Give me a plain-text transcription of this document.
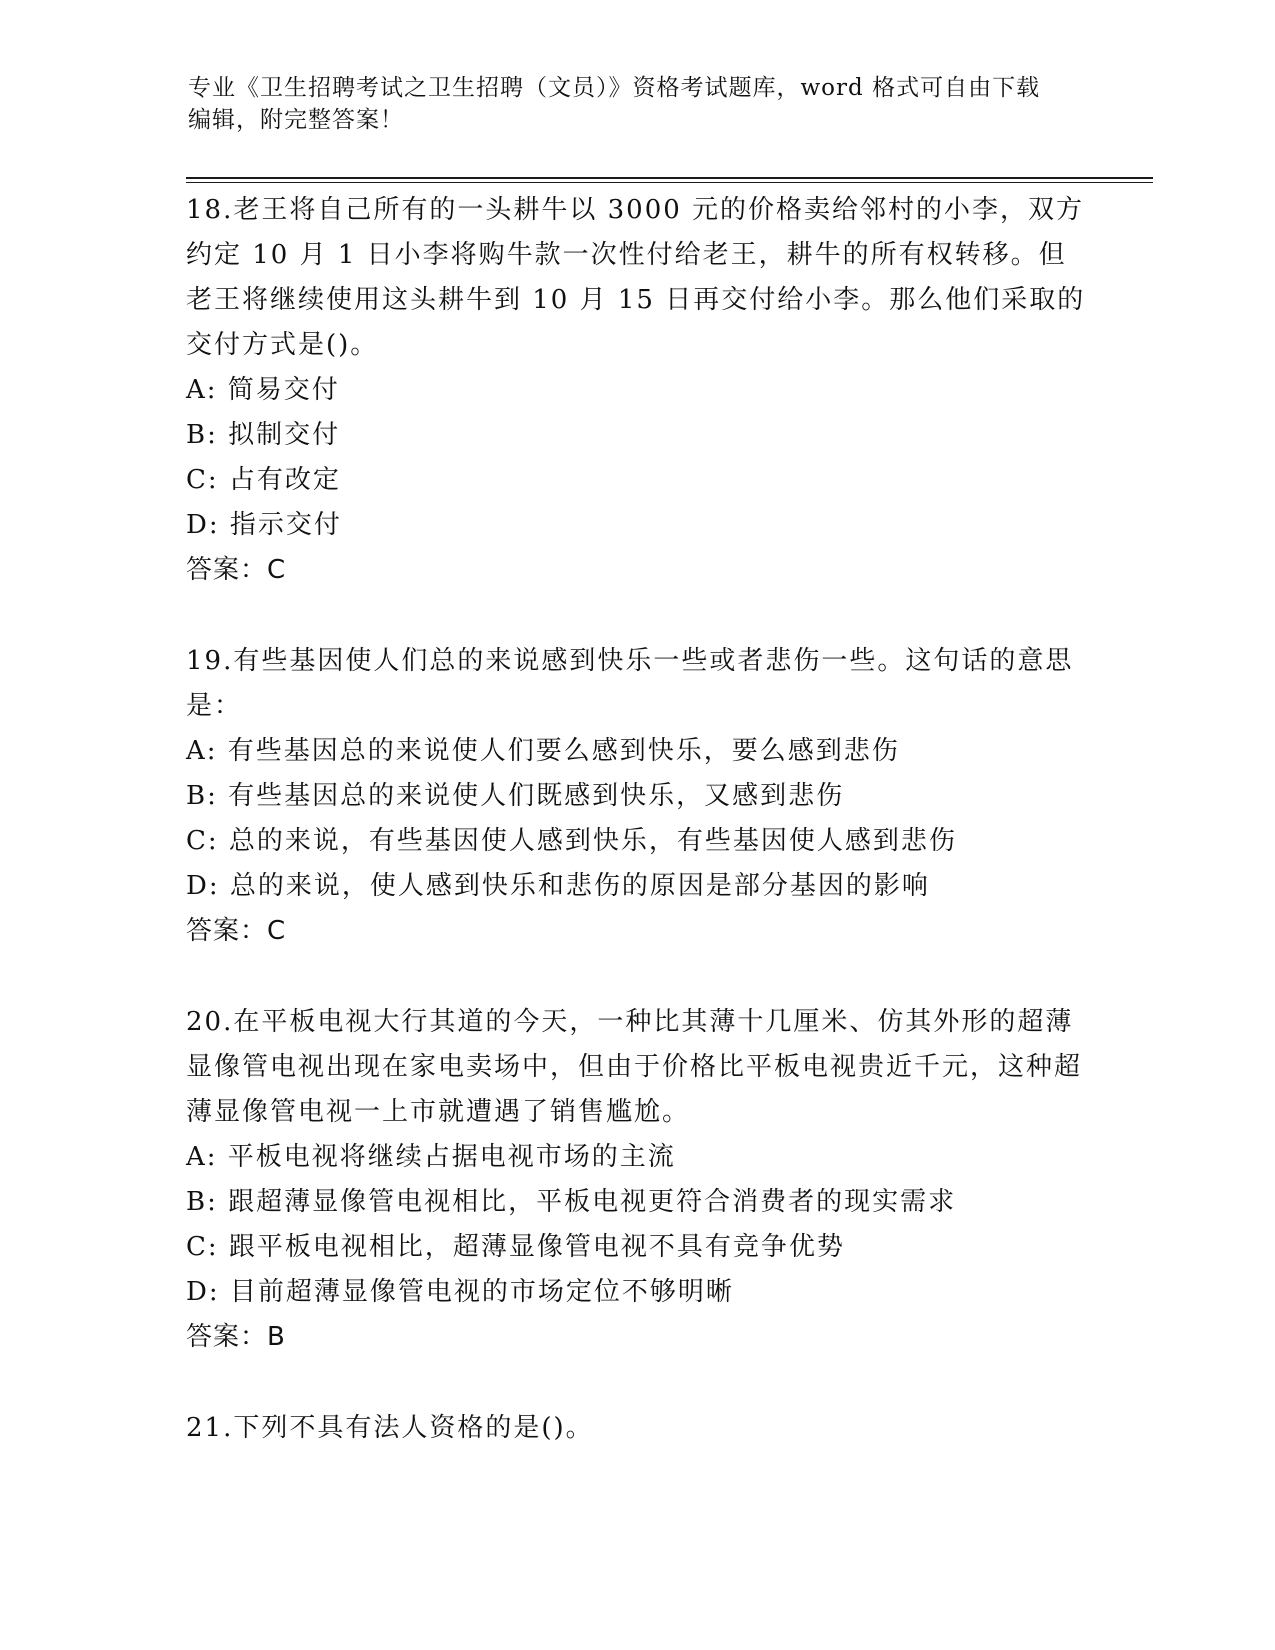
专业《卫生招聘考试之卫生招聘（文员）》资格考试题库，word 格式可自由下载
编辑，附完整答案！
18.老王将自己所有的一头耕牛以 3000 元的价格卖给邻村的小李，双方约定 10 月 1 日小李将购牛款一次性付给老王，耕牛的所有权转移。但老王将继续使用这头耕牛到 10 月 15 日再交付给小李。那么他们采取的交付方式是()。
A: 简易交付
B: 拟制交付
C: 占有改定
D: 指示交付
答案：C
19.有些基因使人们总的来说感到快乐一些或者悲伤一些。这句话的意思是：
A: 有些基因总的来说使人们要么感到快乐，要么感到悲伤
B: 有些基因总的来说使人们既感到快乐，又感到悲伤
C: 总的来说，有些基因使人感到快乐，有些基因使人感到悲伤
D: 总的来说，使人感到快乐和悲伤的原因是部分基因的影响
答案：C
20.在平板电视大行其道的今天，一种比其薄十几厘米、仿其外形的超薄显像管电视出现在家电卖场中，但由于价格比平板电视贵近千元，这种超薄显像管电视一上市就遭遇了销售尴尬。
A: 平板电视将继续占据电视市场的主流
B: 跟超薄显像管电视相比，平板电视更符合消费者的现实需求
C: 跟平板电视相比，超薄显像管电视不具有竞争优势
D: 目前超薄显像管电视的市场定位不够明晰
答案：B
21.下列不具有法人资格的是()。
